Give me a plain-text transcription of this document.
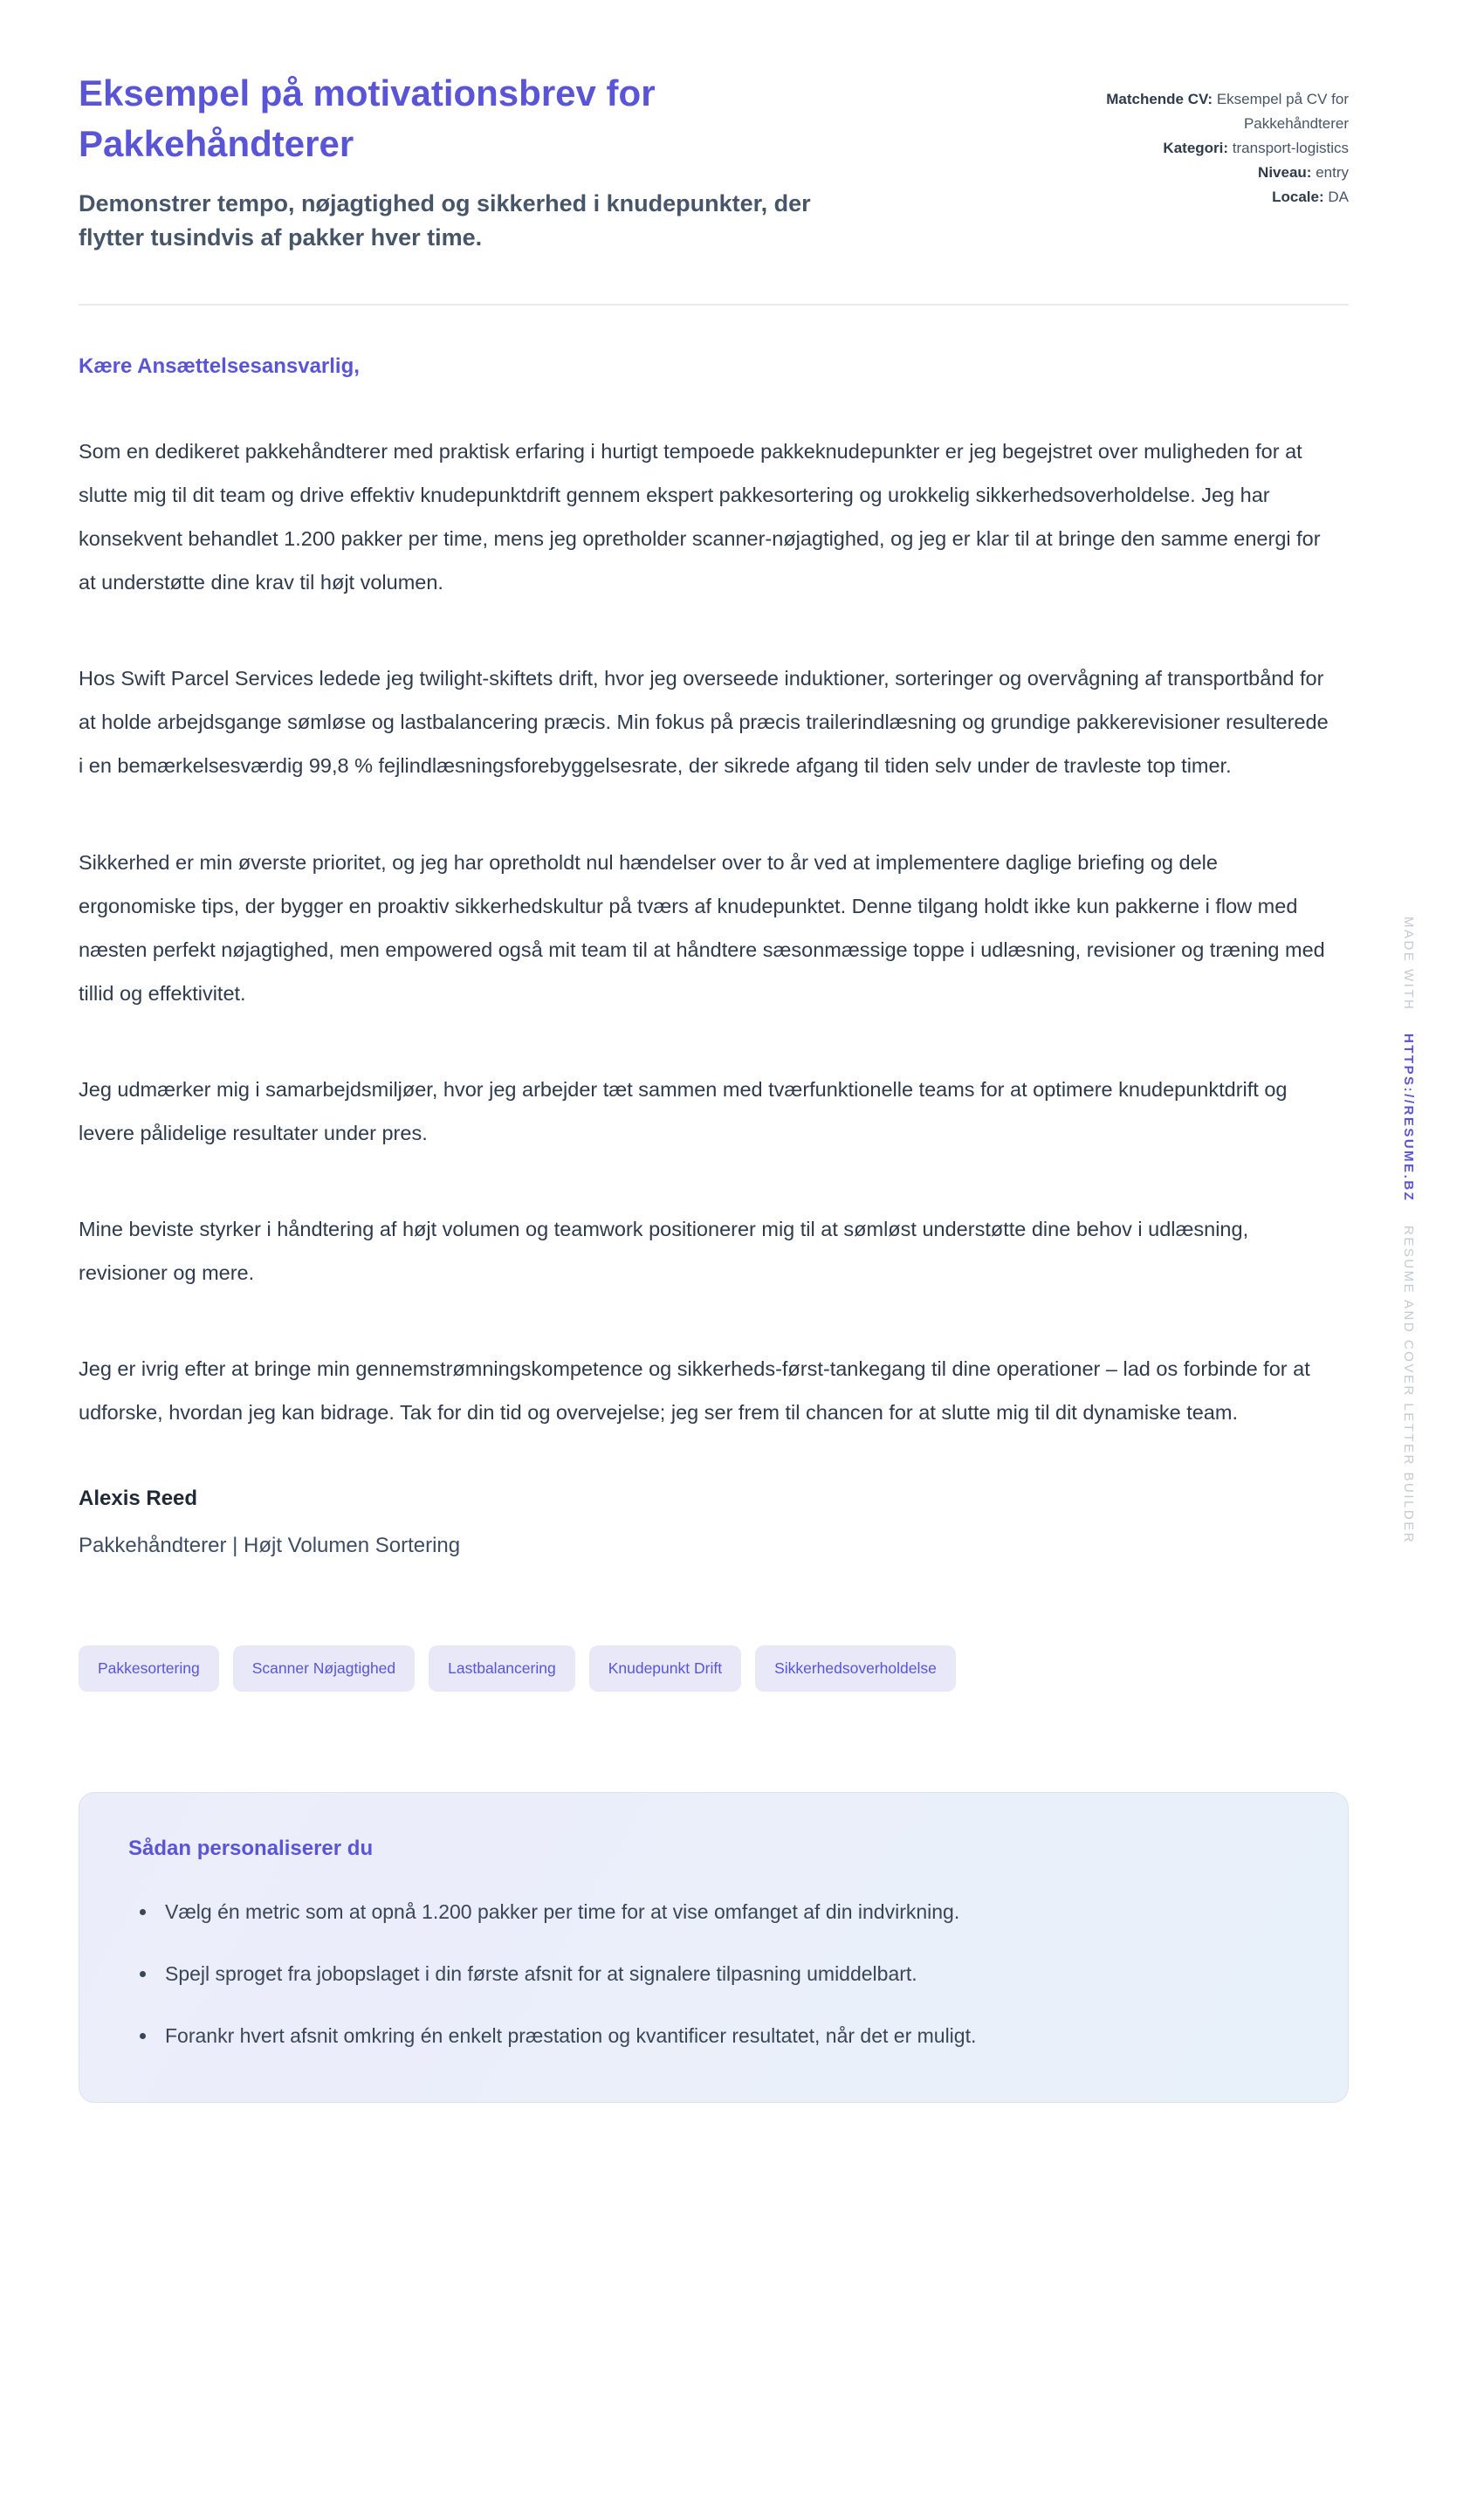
Eksempel på motivationsbrev for Pakkehåndterer

Demonstrer tempo, nøjagtighed og sikkerhed i knudepunkter, der flytter tusindvis af pakker hver time.

Matchende CV: Eksempel på CV for Pakkehåndterer
Kategori: transport-logistics
Niveau: entry
Locale: DA

Kære Ansættelsesansvarlig,

Som en dedikeret pakkehåndterer med praktisk erfaring i hurtigt tempoede pakkeknudepunkter er jeg begejstret over muligheden for at slutte mig til dit team og drive effektiv knudepunktdrift gennem ekspert pakkesortering og urokkelig sikkerhedsoverholdelse. Jeg har konsekvent behandlet 1.200 pakker per time, mens jeg opretholder scanner-nøjagtighed, og jeg er klar til at bringe den samme energi for at understøtte dine krav til højt volumen.

Hos Swift Parcel Services ledede jeg twilight-skiftets drift, hvor jeg overseede induktioner, sorteringer og overvågning af transportbånd for at holde arbejdsgange sømløse og lastbalancering præcis. Min fokus på præcis trailerindlæsning og grundige pakkerevisioner resulterede i en bemærkelsesværdig 99,8 % fejlindlæsningsforebyggelsesrate, der sikrede afgang til tiden selv under de travleste top timer.

Sikkerhed er min øverste prioritet, og jeg har opretholdt nul hændelser over to år ved at implementere daglige briefing og dele ergonomiske tips, der bygger en proaktiv sikkerhedskultur på tværs af knudepunktet. Denne tilgang holdt ikke kun pakkerne i flow med næsten perfekt nøjagtighed, men empowered også mit team til at håndtere sæsonmæssige toppe i udlæsning, revisioner og træning med tillid og effektivitet.

Jeg udmærker mig i samarbejdsmiljøer, hvor jeg arbejder tæt sammen med tværfunktionelle teams for at optimere knudepunktdrift og levere pålidelige resultater under pres.

Mine beviste styrker i håndtering af højt volumen og teamwork positionerer mig til at sømløst understøtte dine behov i udlæsning, revisioner og mere.

Jeg er ivrig efter at bringe min gennemstrømningskompetence og sikkerheds-først-tankegang til dine operationer – lad os forbinde for at udforske, hvordan jeg kan bidrage. Tak for din tid og overvejelse; jeg ser frem til chancen for at slutte mig til dit dynamiske team.

Alexis Reed

Pakkehåndterer | Højt Volumen Sortering

Pakkesortering	Scanner Nøjagtighed	Lastbalancering	Knudepunkt Drift	Sikkerhedsoverholdelse
Sådan personaliserer du
• Vælg én metric som at opnå 1.200 pakker per time for at vise omfanget af din indvirkning.
• Spejl sproget fra jobopslaget i din første afsnit for at signalere tilpasning umiddelbart.
• Forankr hvert afsnit omkring én enkelt præstation og kvantificer resultatet, når det er muligt.
MADE WITH
HTTPS://RESUME.BZ
RESUME AND COVER LETTER BUILDER
